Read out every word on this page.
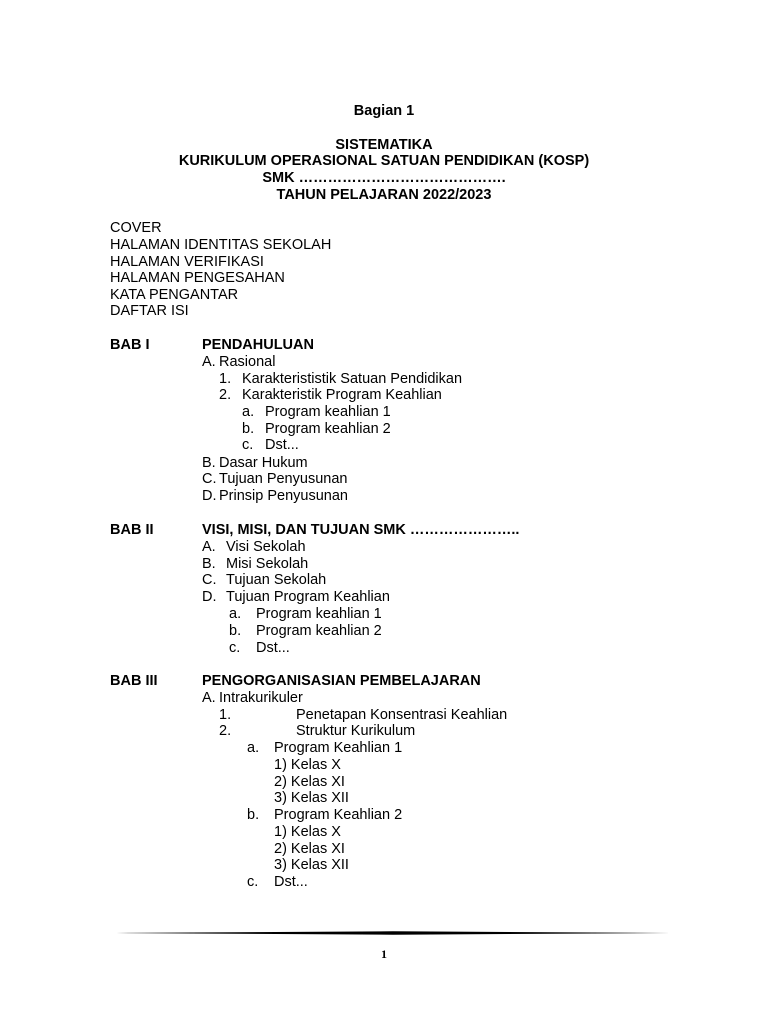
Bagian 1
SISTEMATIKA
KURIKULUM OPERASIONAL SATUAN PENDIDIKAN (KOSP)
SMK …………………………………….
TAHUN PELAJARAN 2022/2023
COVER
HALAMAN IDENTITAS SEKOLAH
HALAMAN VERIFIKASI
HALAMAN PENGESAHAN
KATA PENGANTAR
DAFTAR ISI
BAB I	PENDAHULUAN
A. Rasional
1. Karakterististik Satuan Pendidikan
2. Karakteristik Program Keahlian
a. Program keahlian 1
b. Program keahlian 2
c. Dst...
B. Dasar Hukum
C. Tujuan Penyusunan
D. Prinsip Penyusunan
BAB II	VISI, MISI, DAN TUJUAN SMK …………………..
A. Visi Sekolah
B. Misi Sekolah
C. Tujuan Sekolah
D. Tujuan Program Keahlian
a. Program keahlian 1
b. Program keahlian 2
c. Dst...
BAB III	PENGORGANISASIAN PEMBELAJARAN
A. Intrakurikuler
1.	Penetapan Konsentrasi Keahlian
2.	Struktur Kurikulum
a. Program Keahlian 1
1) Kelas X
2) Kelas XI
3) Kelas XII
b. Program Keahlian 2
1) Kelas X
2) Kelas XI
3) Kelas XII
c. Dst...
1
